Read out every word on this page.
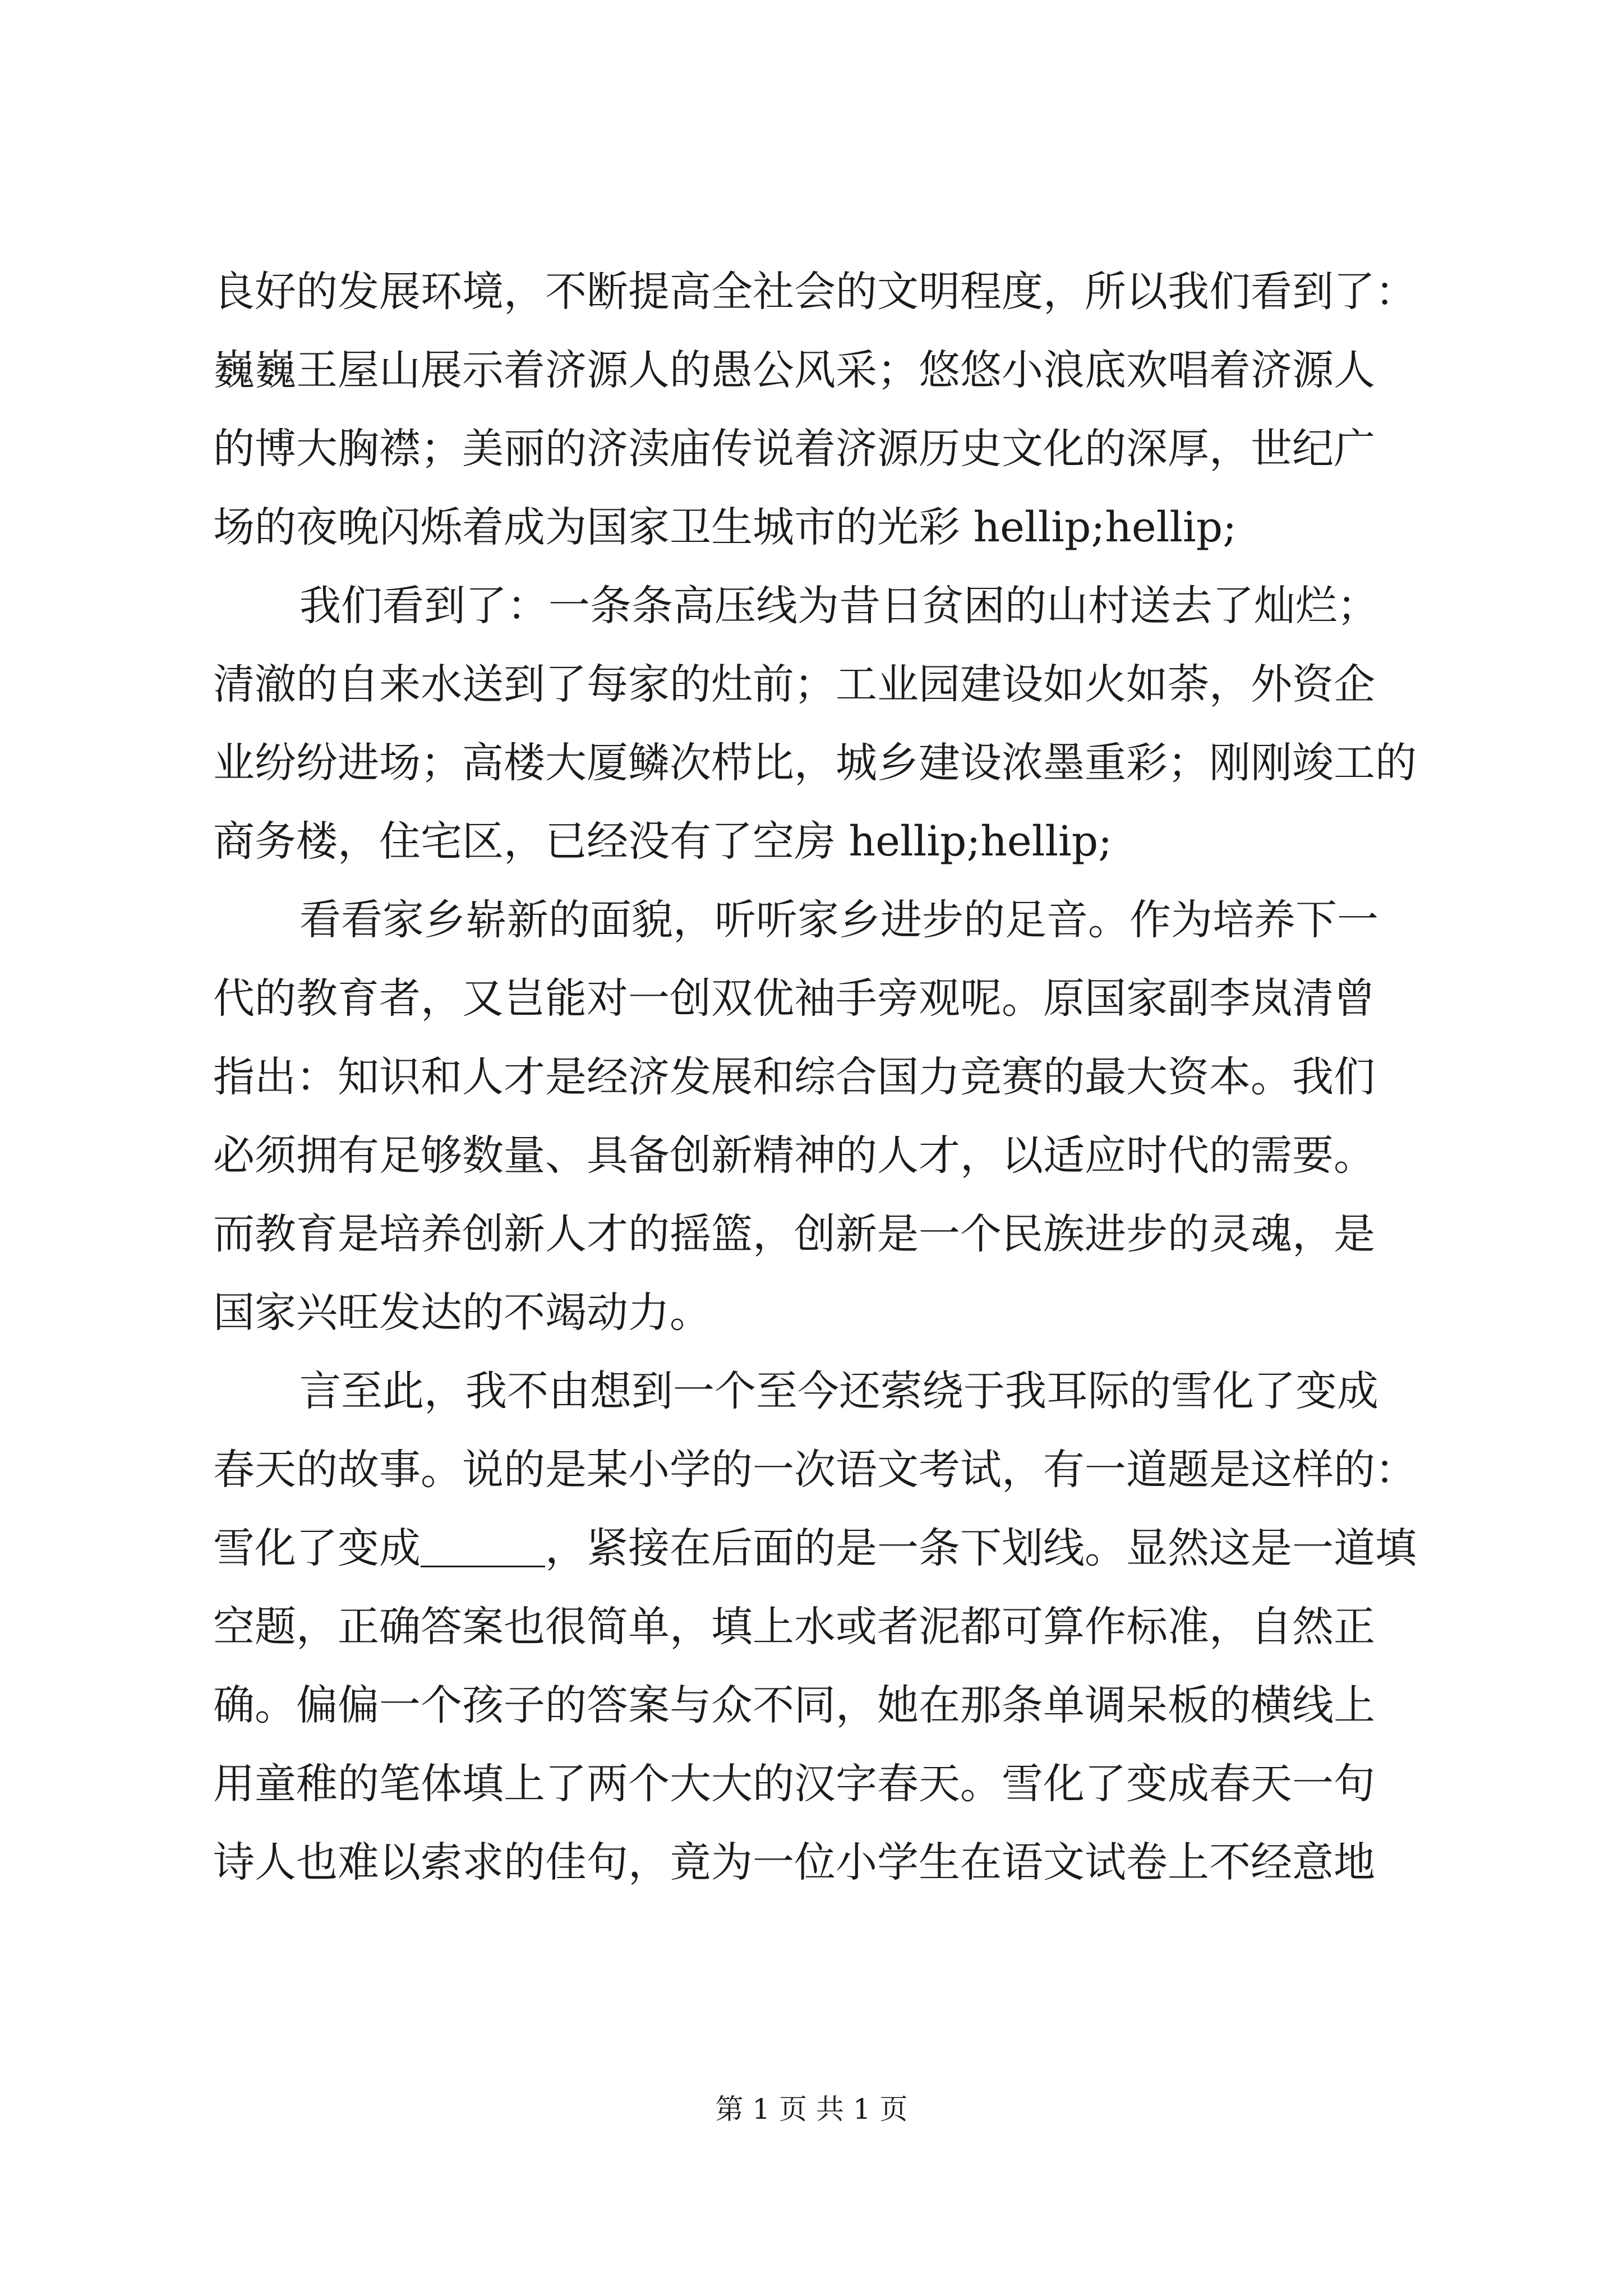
良好的发展环境，不断提高全社会的文明程度，所以我们看到了：
巍巍王屋山展示着济源人的愚公风采；悠悠小浪底欢唱着济源人
的博大胸襟；美丽的济渎庙传说着济源历史文化的深厚，世纪广
场的夜晚闪烁着成为国家卫生城市的光彩 hellip;hellip;
我们看到了：一条条高压线为昔日贫困的山村送去了灿烂；
清澈的自来水送到了每家的灶前；工业园建设如火如荼，外资企
业纷纷进场；高楼大厦鳞次栉比，城乡建设浓墨重彩；刚刚竣工的
商务楼，住宅区，已经没有了空房 hellip;hellip;
看看家乡崭新的面貌，听听家乡进步的足音。作为培养下一
代的教育者，又岂能对一创双优袖手旁观呢。原国家副李岚清曾
指出：知识和人才是经济发展和综合国力竞赛的最大资本。我们
必须拥有足够数量、具备创新精神的人才，以适应时代的需要。
而教育是培养创新人才的摇篮，创新是一个民族进步的灵魂，是
国家兴旺发达的不竭动力。
言至此，我不由想到一个至今还萦绕于我耳际的雪化了变成
春天的故事。说的是某小学的一次语文考试，有一道题是这样的：
雪化了变成＿＿＿，紧接在后面的是一条下划线。显然这是一道填
空题，正确答案也很简单，填上水或者泥都可算作标准，自然正
确。偏偏一个孩子的答案与众不同，她在那条单调呆板的横线上
用童稚的笔体填上了两个大大的汉字春天。雪化了变成春天一句
诗人也难以索求的佳句，竟为一位小学生在语文试卷上不经意地
第 1 页 共 1 页
